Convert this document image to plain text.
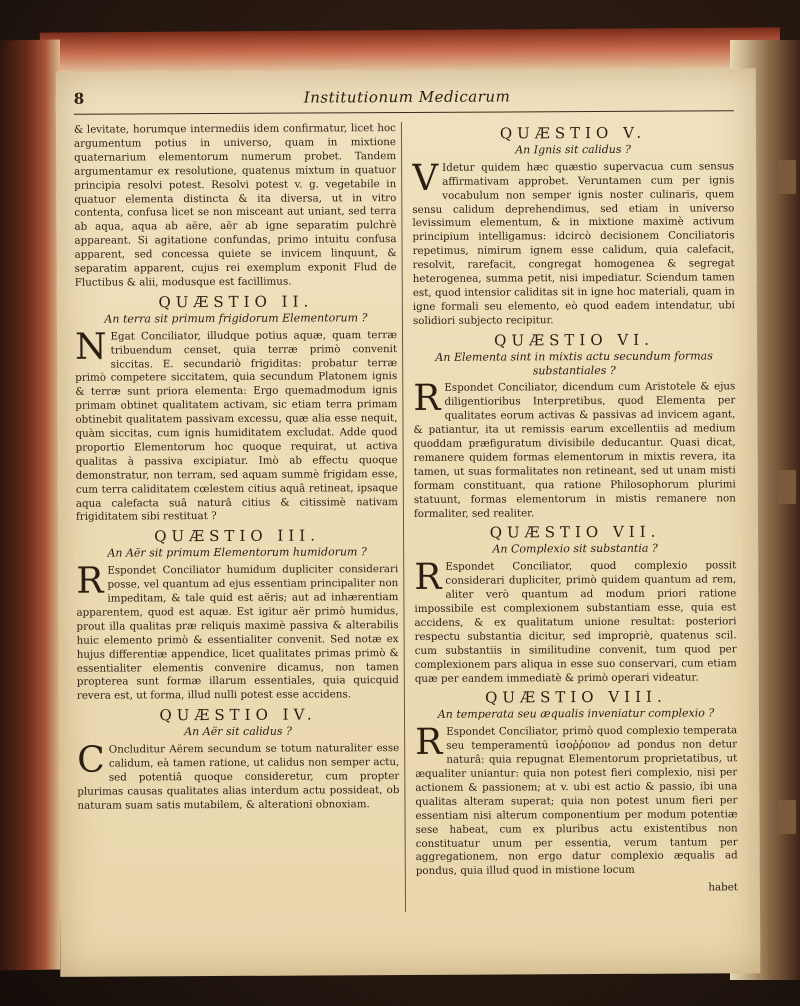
8	Institutionum Medicarum

& levitate, horumque intermediis idem confirmatur, licet hoc argumentum potius in universo, quam in mixtione quaternarium elementorum numerum probet. Tandem argumentamur ex resolutione, quatenus mixtum in quatuor principia resolvi potest. Resolvi potest v. g. vegetabile in quatuor elementa distincta & ita diversa, ut in vitro contenta, confusa licet se non misceant aut uniant, sed terra ab aqua, aqua ab aëre, aër ab igne separatim pulchrè appareant. Si agitatione confundas, primo intuitu confusa apparent, sed concessa quiete se invicem linquunt, & separatim apparent, cujus rei exemplum exponit Flud de Fluctibus & alii, modusque est facillimus.

QUÆSTIO II.
An terra sit primum frigidorum Elementorum ?

N Egat Conciliator, illudque potius aquæ, quam terræ tribuendum censet, quia terræ primò convenit siccitas. E. secundariò frigiditas: probatur terræ primò competere siccitatem, quia secundum Platonem ignis & terræ sunt priora elementa: Ergo quemadmodum ignis primam obtinet qualitatem activam, sic etiam terra primam obtinebit qualitatem passivam excessu, quæ alia esse nequit, quàm siccitas, cum ignis humiditatem excludat. Adde quod proportio Elementorum hoc quoque requirat, ut activa qualitas à passiva excipiatur. Imò ab effectu quoque demonstratur, non terram, sed aquam summè frigidam esse, cum terra caliditatem cœlestem citius aquâ retineat, ipsaque aqua calefacta suâ naturâ citius & citissimè nativam frigiditatem sibi restituat ?

QUÆSTIO III.
An Aër sit primum Elementorum humidorum ?

R Espondet Conciliator humidum dupliciter considerari posse, vel quantum ad ejus essentiam principaliter non impeditam, & tale quid est aëris; aut ad inhærentiam apparentem, quod est aquæ. Est igitur aër primò humidus, prout illa qualitas præ reliquis maximè passiva & alterabilis huic elemento primò & essentialiter convenit. Sed notæ ex hujus differentiæ appendice, licet qualitates primas primò & essentialiter elementis convenire dicamus, non tamen propterea sunt formæ illarum essentiales, quia quicquid revera est, ut forma, illud nulli potest esse accidens.

QUÆSTIO IV.
An Aër sit calidus ?

C Oncluditur Aërem secundum se totum naturaliter esse calidum, eà tamen ratione, ut calidus non semper actu, sed potentiâ quoque consideretur, cum propter plurimas causas qualitates alias interdum actu possideat, ob naturam suam satis mutabilem, & alterationi obnoxiam.

QUÆSTIO V.
An Ignis sit calidus ?

V Idetur quidem hæc quæstio supervacua cum sensus affirmativam approbet. Veruntamen cum per ignis vocabulum non semper ignis noster culinaris, quem sensu calidum deprehendimus, sed etiam in universo levissimum elementum, & in mixtione maximè activum principium intelligamus: idcircò decisionem Conciliatoris repetimus, nimirum ignem esse calidum, quia calefacit, resolvit, rarefacit, congregat homogenea & segregat heterogenea, summa petit, nisi impediatur. Sciendum tamen est, quod intensior caliditas sit in igne hoc materiali, quam in igne formali seu elemento, eò quod eadem intendatur, ubi solidiori subjecto recipitur.

QUÆSTIO VI.
An Elementa sint in mixtis actu secundum formas substantiales ?

R Espondet Conciliator, dicendum cum Aristotele & ejus diligentioribus Interpretibus, quod Elementa per qualitates eorum activas & passivas ad invicem agant, & patiantur, ita ut remissis earum excellentiis ad medium quoddam præfiguratum divisibile deducantur. Quasi dicat, remanere quidem formas elementorum in mixtis revera, ita tamen, ut suas formalitates non retineant, sed ut unam misti formam constituant, qua ratione Philosophorum plurimi statuunt, formas elementorum in mistis remanere non formaliter, sed realiter.

QUÆSTIO VII.
An Complexio sit substantia ?

R Espondet Conciliator, quod complexio possit considerari dupliciter, primò quidem quantum ad rem, aliter verò quantum ad modum priori ratione impossibile est complexionem substantiam esse, quia est accidens, & ex qualitatum unione resultat: posteriori respectu substantia dicitur, sed impropriè, quatenus scil. cum substantiis in similitudine convenit, tum quod per complexionem pars aliqua in esse suo conservari, cum etiam quæ per eandem immediatè & primò operari videatur.

QUÆSTIO VIII.
An temperata seu æqualis inveniatur complexio ?

R Espondet Conciliator, primò quod complexio temperata seu temperamentū ἰσοῤῥοπον ad pondus non detur naturâ: quia repugnat Elementorum proprietatibus, ut æqualiter uniantur: quia non potest fieri complexio, nisi per actionem & passionem; at v. ubi est actio & passio, ibi una qualitas alteram superat; quia non potest unum fieri per essentiam nisi alterum componentium per modum potentiæ sese habeat, cum ex pluribus actu existentibus non constituatur unum per essentia, verum tantum per aggregationem, non ergo datur complexio æqualis ad pondus, quia illud quod in mistione locum

habet
